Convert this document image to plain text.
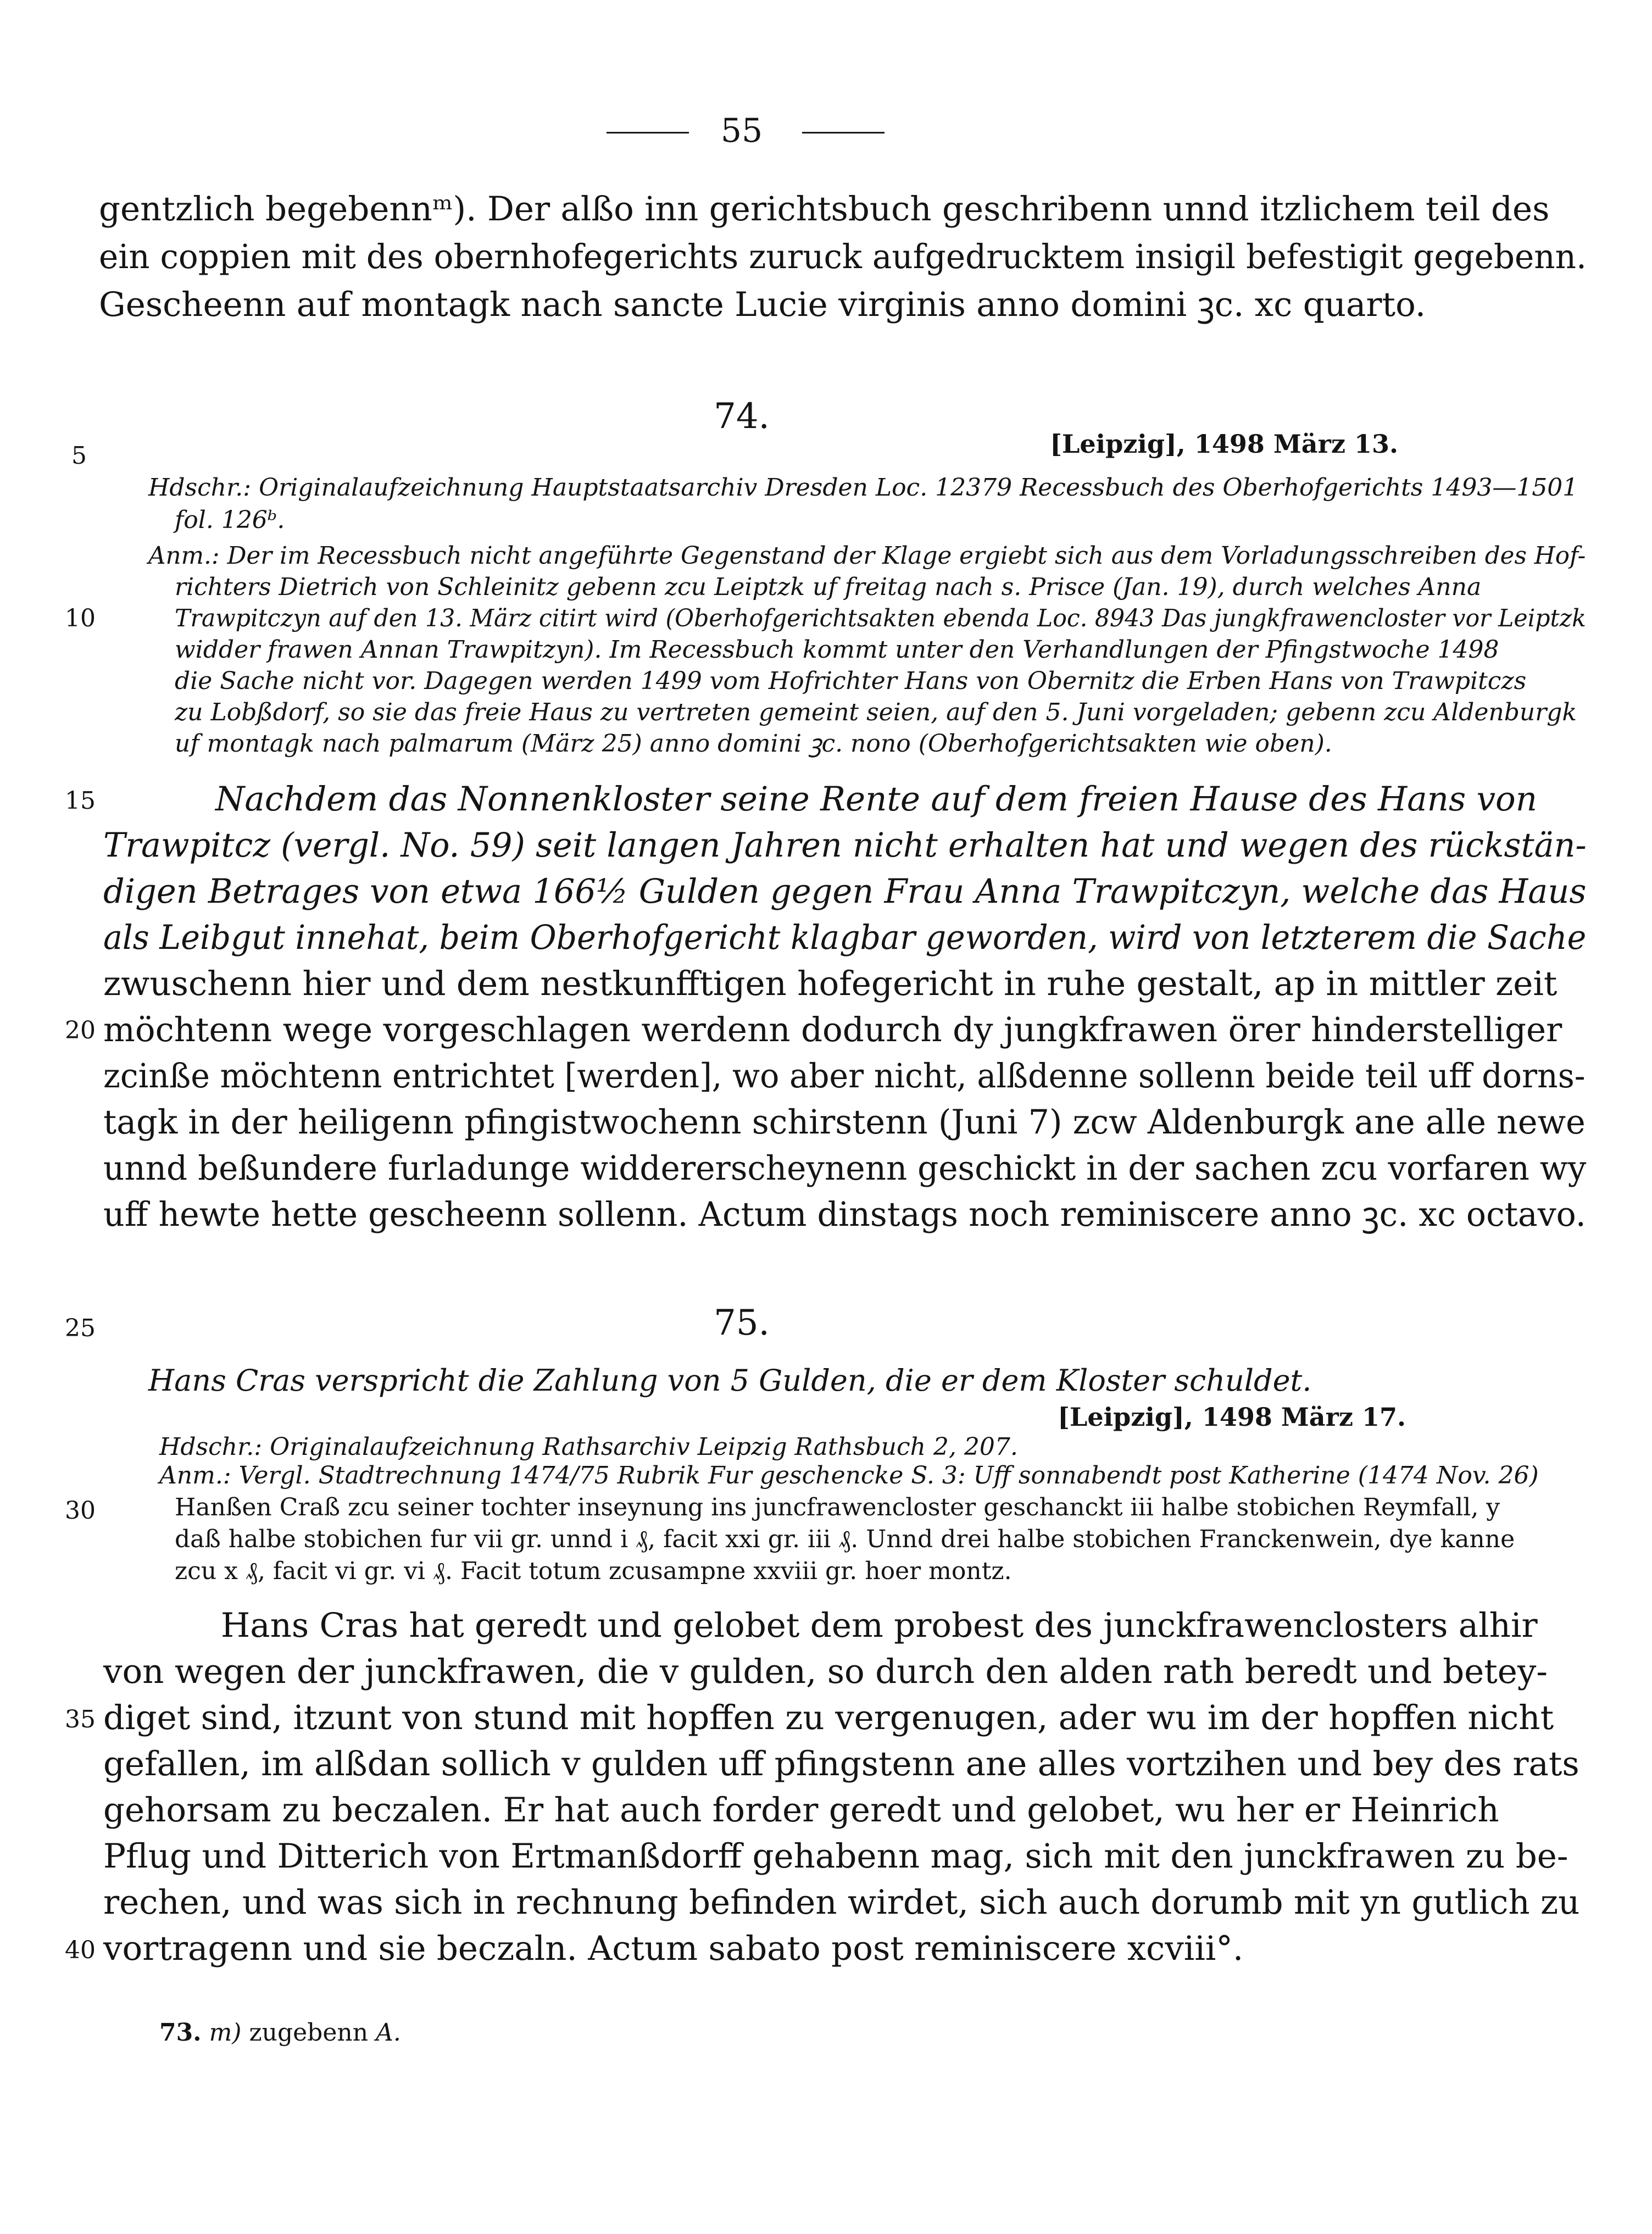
55

gentzlich begebennᵐ). Der alßo inn gerichtsbuch geschribenn unnd itzlichem teil des

ein coppien mit des obernhofegerichts zuruck aufgedrucktem insigil befestigit gegebenn.

Gescheenn auf montagk nach sancte Lucie virginis anno domini ꝫc. xc quarto.

74.

[Leipzig], 1498 März 13.

Hdschr.: Originalaufzeichnung Hauptstaatsarchiv Dresden Loc. 12379 Recessbuch des Oberhofgerichts 1493—1501

fol. 126ᵇ.

Anm.: Der im Recessbuch nicht angeführte Gegenstand der Klage ergiebt sich aus dem Vorladungsschreiben des Hof-

richters Dietrich von Schleinitz gebenn zcu Leiptzk uf freitag nach s. Prisce (Jan. 19), durch welches Anna

Trawpitczyn auf den 13. März citirt wird (Oberhofgerichtsakten ebenda Loc. 8943 Das jungkfrawencloster vor Leiptzk

widder frawen Annan Trawpitzyn). Im Recessbuch kommt unter den Verhandlungen der Pfingstwoche 1498

die Sache nicht vor. Dagegen werden 1499 vom Hofrichter Hans von Obernitz die Erben Hans von Trawpitczs

zu Lobßdorf, so sie das freie Haus zu vertreten gemeint seien, auf den 5. Juni vorgeladen; gebenn zcu Aldenburgk

uf montagk nach palmarum (März 25) anno domini ꝫc. nono (Oberhofgerichtsakten wie oben).

Nachdem das Nonnenkloster seine Rente auf dem freien Hause des Hans von

Trawpitcz (vergl. No. 59) seit langen Jahren nicht erhalten hat und wegen des rückstän-

digen Betrages von etwa 166½ Gulden gegen Frau Anna Trawpitczyn, welche das Haus

als Leibgut innehat, beim Oberhofgericht klagbar geworden, wird von letzterem die Sache

zwuschenn hier und dem nestkunfftigen hofegericht in ruhe gestalt, ap in mittler zeit

möchtenn wege vorgeschlagen werdenn dodurch dy jungkfrawen örer hinderstelliger

zcinße möchtenn entrichtet [werden], wo aber nicht, alßdenne sollenn beide teil uff dorns-

tagk in der heiligenn pfingistwochenn schirstenn (Juni 7) zcw Aldenburgk ane alle newe

unnd beßundere furladunge widdererscheynenn geschickt in der sachen zcu vorfaren wy

uff hewte hette gescheenn sollenn. Actum dinstags noch reminiscere anno ꝫc. xc octavo.

75.

Hans Cras verspricht die Zahlung von 5 Gulden, die er dem Kloster schuldet.

[Leipzig], 1498 März 17.

Hdschr.: Originalaufzeichnung Rathsarchiv Leipzig Rathsbuch 2, 207.

Anm.: Vergl. Stadtrechnung 1474/75 Rubrik Fur geschencke S. 3: Uff sonnabendt post Katherine (1474 Nov. 26)

Hanßen Craß zcu seiner tochter inseynung ins juncfrawencloster geschanckt iii halbe stobichen Reymfall, y

daß halbe stobichen fur vii gr. unnd i ₰, facit xxi gr. iii ₰. Unnd drei halbe stobichen Franckenwein, dye kanne

zcu x ₰, facit vi gr. vi ₰. Facit totum zcusampne xxviii gr. hoer montz.

Hans Cras hat geredt und gelobet dem probest des junckfrawenclosters alhir

von wegen der junckfrawen, die v gulden, so durch den alden rath beredt und betey-

diget sind, itzunt von stund mit hopffen zu vergenugen, ader wu im der hopffen nicht

gefallen, im alßdan sollich v gulden uff pfingstenn ane alles vortzihen und bey des rats

gehorsam zu beczalen. Er hat auch forder geredt und gelobet, wu her er Heinrich

Pflug und Ditterich von Ertmanßdorff gehabenn mag, sich mit den junckfrawen zu be-

rechen, und was sich in rechnung befinden wirdet, sich auch dorumb mit yn gutlich zu

vortragenn und sie beczaln. Actum sabato post reminiscere xcviii°.

5

10

15

20

25

30

35

40

73. m) zugebenn A.
